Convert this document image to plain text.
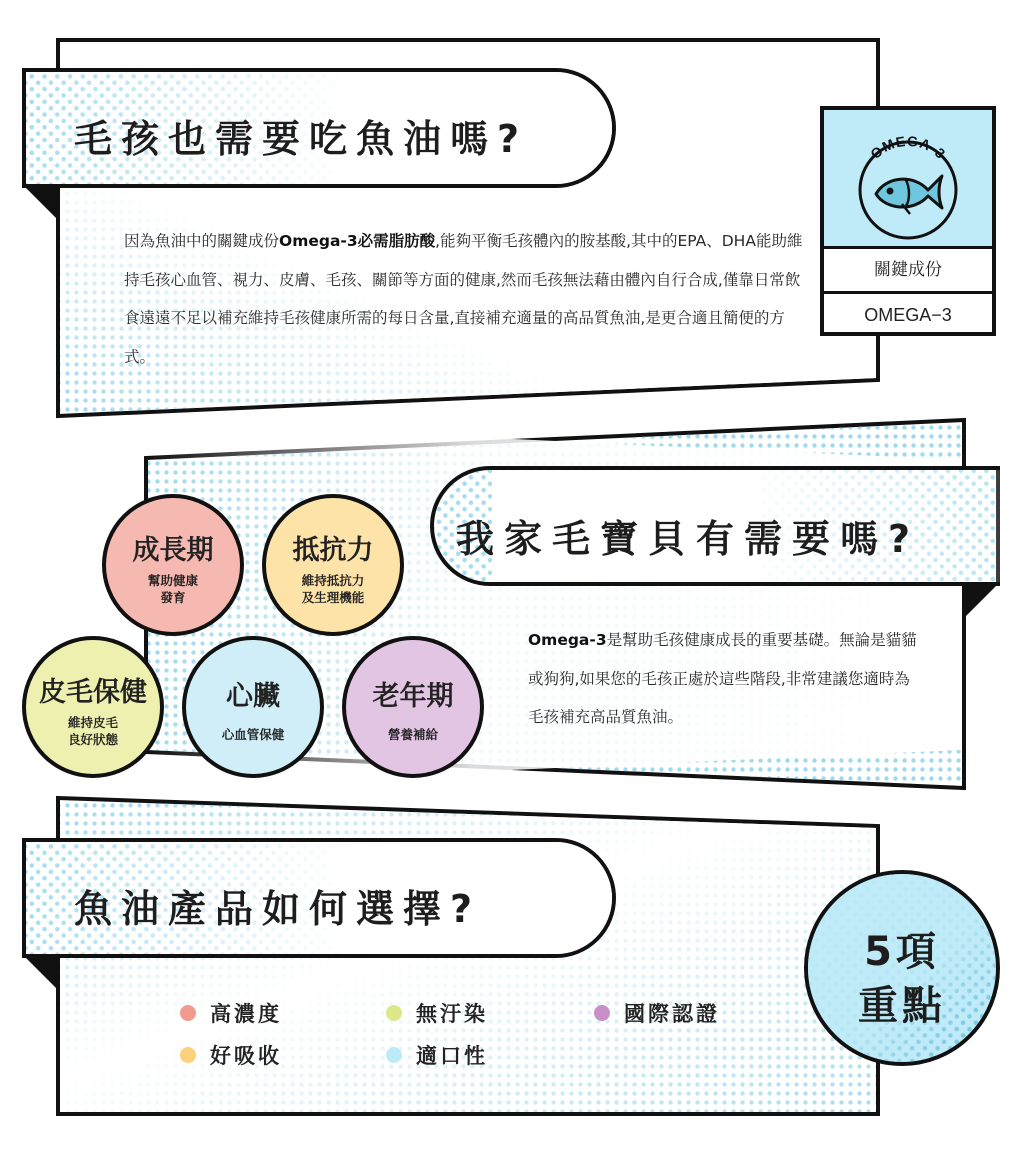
毛孩也需要吃魚油嗎?
因為魚油中的關鍵成份Omega-3必需脂肪酸,能夠平衡毛孩體內的胺基酸,其中的EPA、DHA能助維持毛孩心血管、視力、皮膚、毛孩、關節等方面的健康,然而毛孩無法藉由體內自行合成,僅靠日常飲食遠遠不足以補充維持毛孩健康所需的每日含量,直接補充適量的高品質魚油,是更合適且簡便的方式。
OMEGA-3
關鍵成份
OMEGA−3
我家毛寶貝有需要嗎?
Omega-3是幫助毛孩健康成長的重要基礎。無論是貓貓或狗狗,如果您的毛孩正處於這些階段,非常建議您適時為毛孩補充高品質魚油。
成長期
幫助健康
發育
抵抗力
維持抵抗力
及生理機能
皮毛保健
維持皮毛
良好狀態
心臟
心血管保健
老年期
營養補給
魚油產品如何選擇?
高濃度	無汙染	國際認證
好吸收	適口性
5項
重點
